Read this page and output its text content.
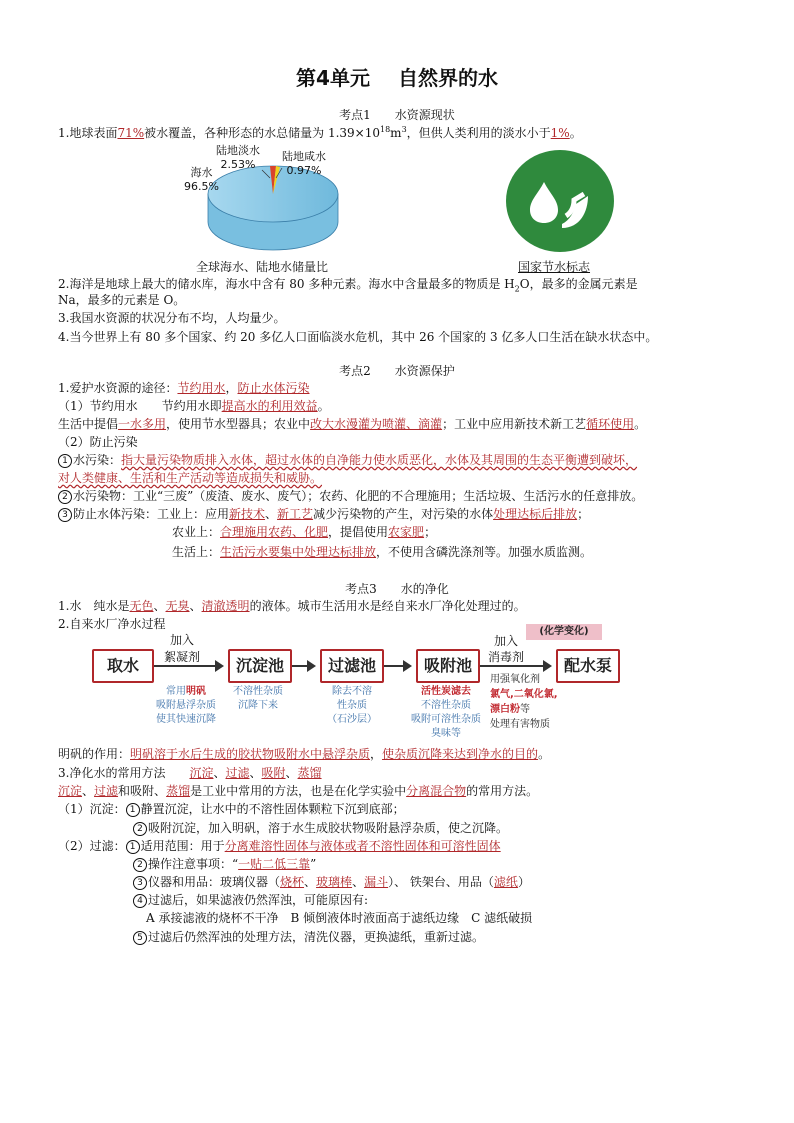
第4单元 自然界的水
考点1　　水资源现状
1.地球表面71%被水覆盖，各种形态的水总储量为 $1.39\times 10^{18}m^3$，但供人类利用的淡水小于1%。
陆地淡水
2.53%
陆地咸水
0.97%
海水
96.5%
全球海水、陆地水储量比	国家节水标志
2.海洋是地球上最大的储水库，海水中含有 80 多种元素。海水中含量最多的物质是 $H_2O$，最多的金属元素是
Na，最多的元素是 O。
3.我国水资源的状况分布不均，人均量少。
4.当今世界上有 80 多个国家、约 20 多亿人口面临淡水危机，其中 26 个国家的 3 亿多人口生活在缺水状态中。
考点2　　水资源保护
1.爱护水资源的途径：节约用水，防止水体污染
（1）节约用水　　节约用水即提高水的利用效益。
生活中提倡一水多用，使用节水型器具；农业中改大水漫灌为喷灌、滴灌；工业中应用新技术新工艺循环使用。
（2）防止污染
1 水污染：指大量污染物质排入水体，超过水体的自净能力使水质恶化，水体及其周围的生态平衡遭到破坏，
对人类健康、生活和生产活动等造成损失和威胁。
2 水污染物：工业“三废”（废渣、废水、废气）；农药、化肥的不合理施用；生活垃圾、生活污水的任意排放。
3 防止水体污染：工业上：应用新技术、新工艺减少污染物的产生，对污染的水体处理达标后排放；
农业上：合理施用农药、化肥，提倡使用农家肥；
生活上：生活污水要集中处理达标排放，不使用含磷洗涤剂等。加强水质监测。
考点3　　水的净化
1.水　 纯水是无色、无臭、清澈透明的液体。城市生活用水是经自来水厂净化处理过的。
2.自来水厂净水过程
(化学变化)
取水	沉淀池	过滤池	吸附池	配水泵
加入
絮凝剂
加入
消毒剂
常用明矾
吸附悬浮杂质
使其快速沉降
不溶性杂质
沉降下来
除去不溶
性杂质
（石沙层）
活性炭滤去
不溶性杂质
吸附可溶性杂质
臭味等
用强氧化剂
氯气,二氧化氯,
漂白粉等
处理有害物质
明矾的作用：明矾溶于水后生成的胶状物吸附水中悬浮杂质，使杂质沉降来达到净水的目的。
3.净化水的常用方法　　沉淀、过滤、吸附、蒸馏
沉淀、过滤和吸附、蒸馏是工业中常用的方法，也是在化学实验中分离混合物的常用方法。
（1）沉淀： 1 静置沉淀，让水中的不溶性固体颗粒下沉到底部；
2 吸附沉淀，加入明矾，溶于水生成胶状物吸附悬浮杂质，使之沉降。
（2）过滤： 1 适用范围：用于分离难溶性固体与液体或者不溶性固体和可溶性固体
2 操作注意事项：“一贴二低三靠”
3 仪器和用品：玻璃仪器（烧杯、玻璃棒、漏斗）、 铁架台、用品（滤纸）
4 过滤后，如果滤液仍然浑浊，可能原因有:
A 承接滤液的烧杯不干净　B 倾倒液体时液面高于滤纸边缘　C 滤纸破损
5 过滤后仍然浑浊的处理方法，清洗仪器，更换滤纸，重新过滤。
